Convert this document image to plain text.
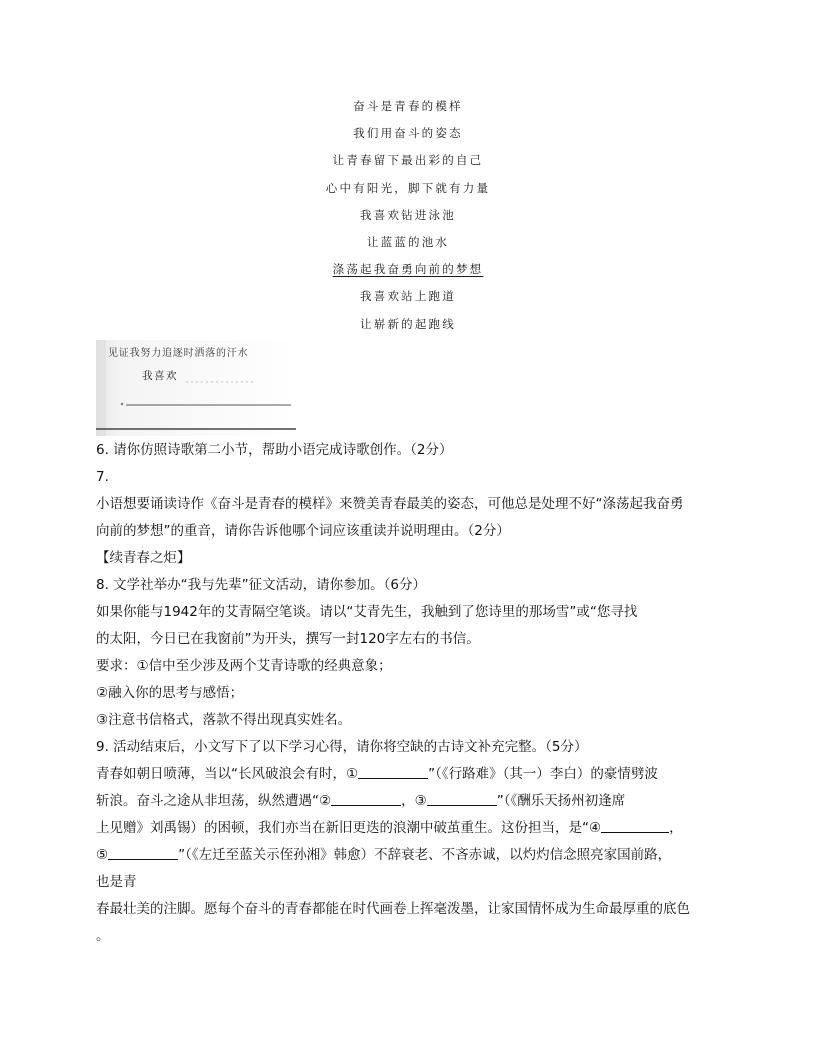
奋斗是青春的模样
我们用奋斗的姿态
让青春留下最出彩的自己
心中有阳光，脚下就有力量
我喜欢钻进泳池
让蓝蓝的池水
涤荡起我奋勇向前的梦想
我喜欢站上跑道
让崭新的起跑线
见证我努力追逐时洒落的汗水
我喜欢
6. 请你仿照诗歌第二小节，帮助小语完成诗歌创作。（2分）
7.
小语想要诵读诗作《奋斗是青春的模样》来赞美青春最美的姿态，可他总是处理不好“涤荡起我奋勇
向前的梦想”的重音，请你告诉他哪个词应该重读并说明理由。（2分）
【续青春之炬】
8. 文学社举办“我与先辈”征文活动，请你参加。（6分）
如果你能与1942年的艾青隔空笔谈。请以“艾青先生，我触到了您诗里的那场雪”或“您寻找
的太阳，今日已在我窗前”为开头，撰写一封120字左右的书信。
要求：①信中至少涉及两个艾青诗歌的经典意象；
②融入你的思考与感悟；
③注意书信格式，落款不得出现真实姓名。
9. 活动结束后，小文写下了以下学习心得，请你将空缺的古诗文补充完整。（5分）
青春如朝日喷薄，当以“长风破浪会有时，①	”（《行路难》（其一）李白）的豪情劈波
斩浪。奋斗之途从非坦荡，纵然遭遇“②	，③	”（《酬乐天扬州初逢席
上见赠》刘禹锡）的困顿，我们亦当在新旧更迭的浪潮中破茧重生。这份担当，是“④	，
⑤	”（《左迁至蓝关示侄孙湘》韩愈）不辞衰老、不吝赤诚，以灼灼信念照亮家国前路，
也是青
春最壮美的注脚。愿每个奋斗的青春都能在时代画卷上挥毫泼墨，让家国情怀成为生命最厚重的底色
。
